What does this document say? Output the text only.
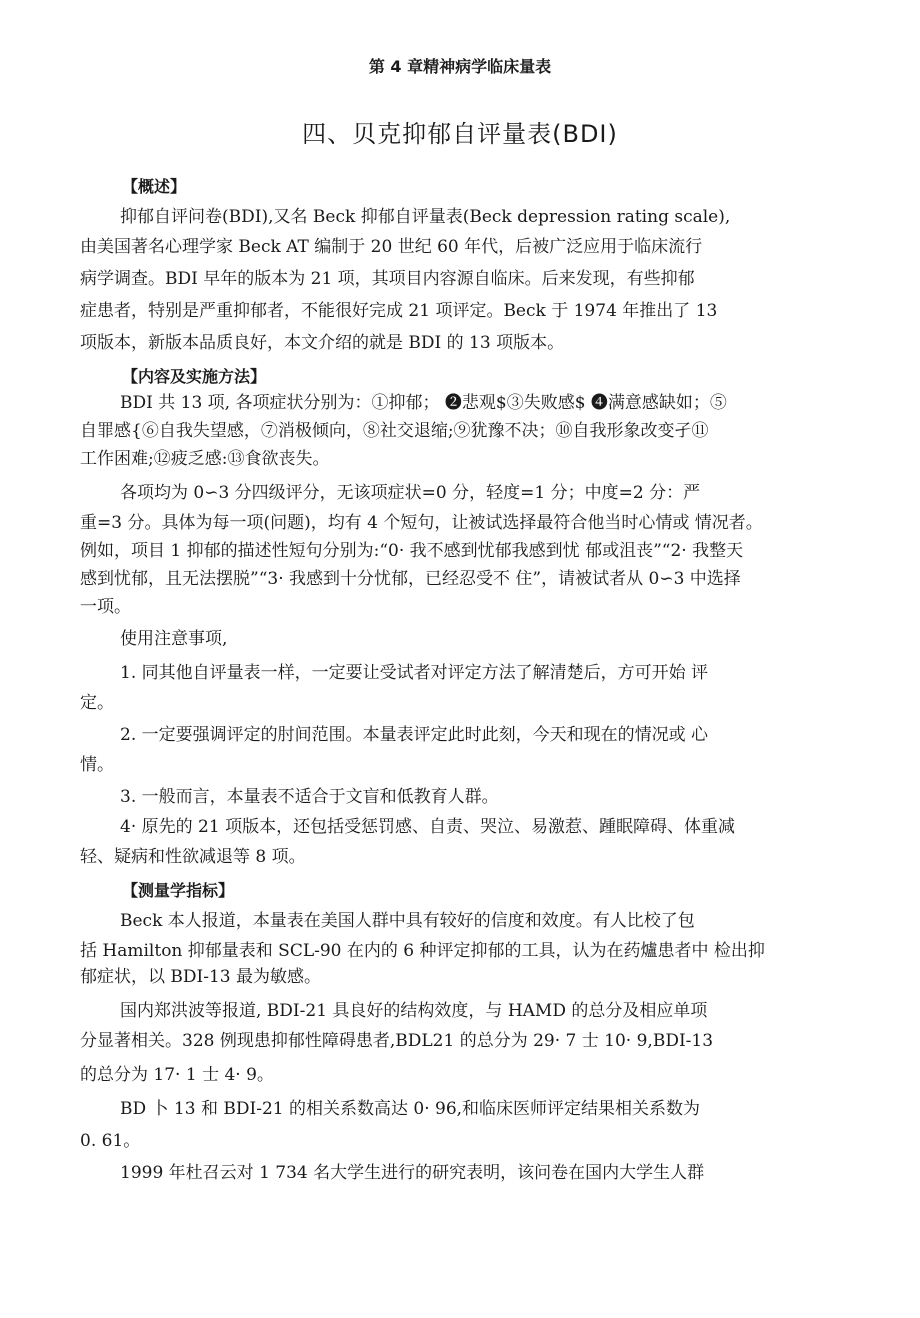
第 4 章精神病学临床量表
四、贝克抑郁自评量表(BDI)
【概述】
抑郁自评问卷(BDI),又名 Beck 抑郁自评量表(Beck depression rating scale),
由美国著名心理学家 Beck AT 编制于 20 世纪 60 年代，后被广泛应用于临床流行
病学调查。BDI 早年的版本为 21 项，其项目内容源自临床。后来发现，有些抑郁
症患者，特别是严重抑郁者，不能很好完成 21 项评定。Beck 于 1974 年推出了 13
项版本，新版本品质良好，本文介绍的就是 BDI 的 13 项版本。
【内容及实施方法】
BDI 共 13 项, 各项症状分别为：①抑郁； ➋悲观$③失败感$ ➍满意感缺如；⑤
自罪感{⑥自我失望感，⑦消极倾向，⑧社交退缩;⑨犹豫不决；⑩自我形象改变孑⑪
工作困难;⑫疲乏感:⑬食欲丧失。
各项均为 0∽3 分四级评分，无该项症状=0 分，轻度=1 分；中度=2 分：严
重=3 分。具体为每一项(问题)，均有 4 个短句，让被试选择最符合他当时心情或 情况者。
例如，项目 1 抑郁的描述性短句分别为:“0· 我不感到忧郁我感到忧 郁或沮丧”“2· 我整天
感到忧郁，且无法摆脱”“3· 我感到十分忧郁，已经忍受不 住”，请被试者从 0∽3 中选择
一项。
使用注意事项,
1. 同其他自评量表一样，一定要让受试者对评定方法了解清楚后，方可开始 评
定。
2. 一定要强调评定的肘间范围。本量表评定此时此刻，今天和现在的情况或 心
情。
3. 一般而言，本量表不适合于文盲和低教育人群。
4· 原先的 21 项版本，还包括受惩罚感、自责、哭泣、易激惹、踵眠障碍、体重减
轻、疑病和性欲减退等 8 项。
【测量学指标】
Beck 本人报道，本量表在美国人群中具有较好的信度和效度。有人比校了包
括 Hamilton 抑郁量表和 SCL-90 在内的 6 种评定抑郁的工具，认为在药爐患者中 检出抑
郁症状，以 BDI-13 最为敏感。
国内郑洪波等报道, BDI-21 具良好的结构效度，与 HAMD 的总分及相应单项
分显著相关。328 例现患抑郁性障碍患者,BDL21 的总分为 29· 7 士 10· 9,BDI-13
的总分为 17· 1 士 4· 9。
BD 卜 13 和 BDI-21 的相关系数高达 0· 96,和临床医师评定结果相关系数为
0. 61。
1999 年杜召云对 1 734 名大学生进行的研究表明，该问卷在国内大学生人群
